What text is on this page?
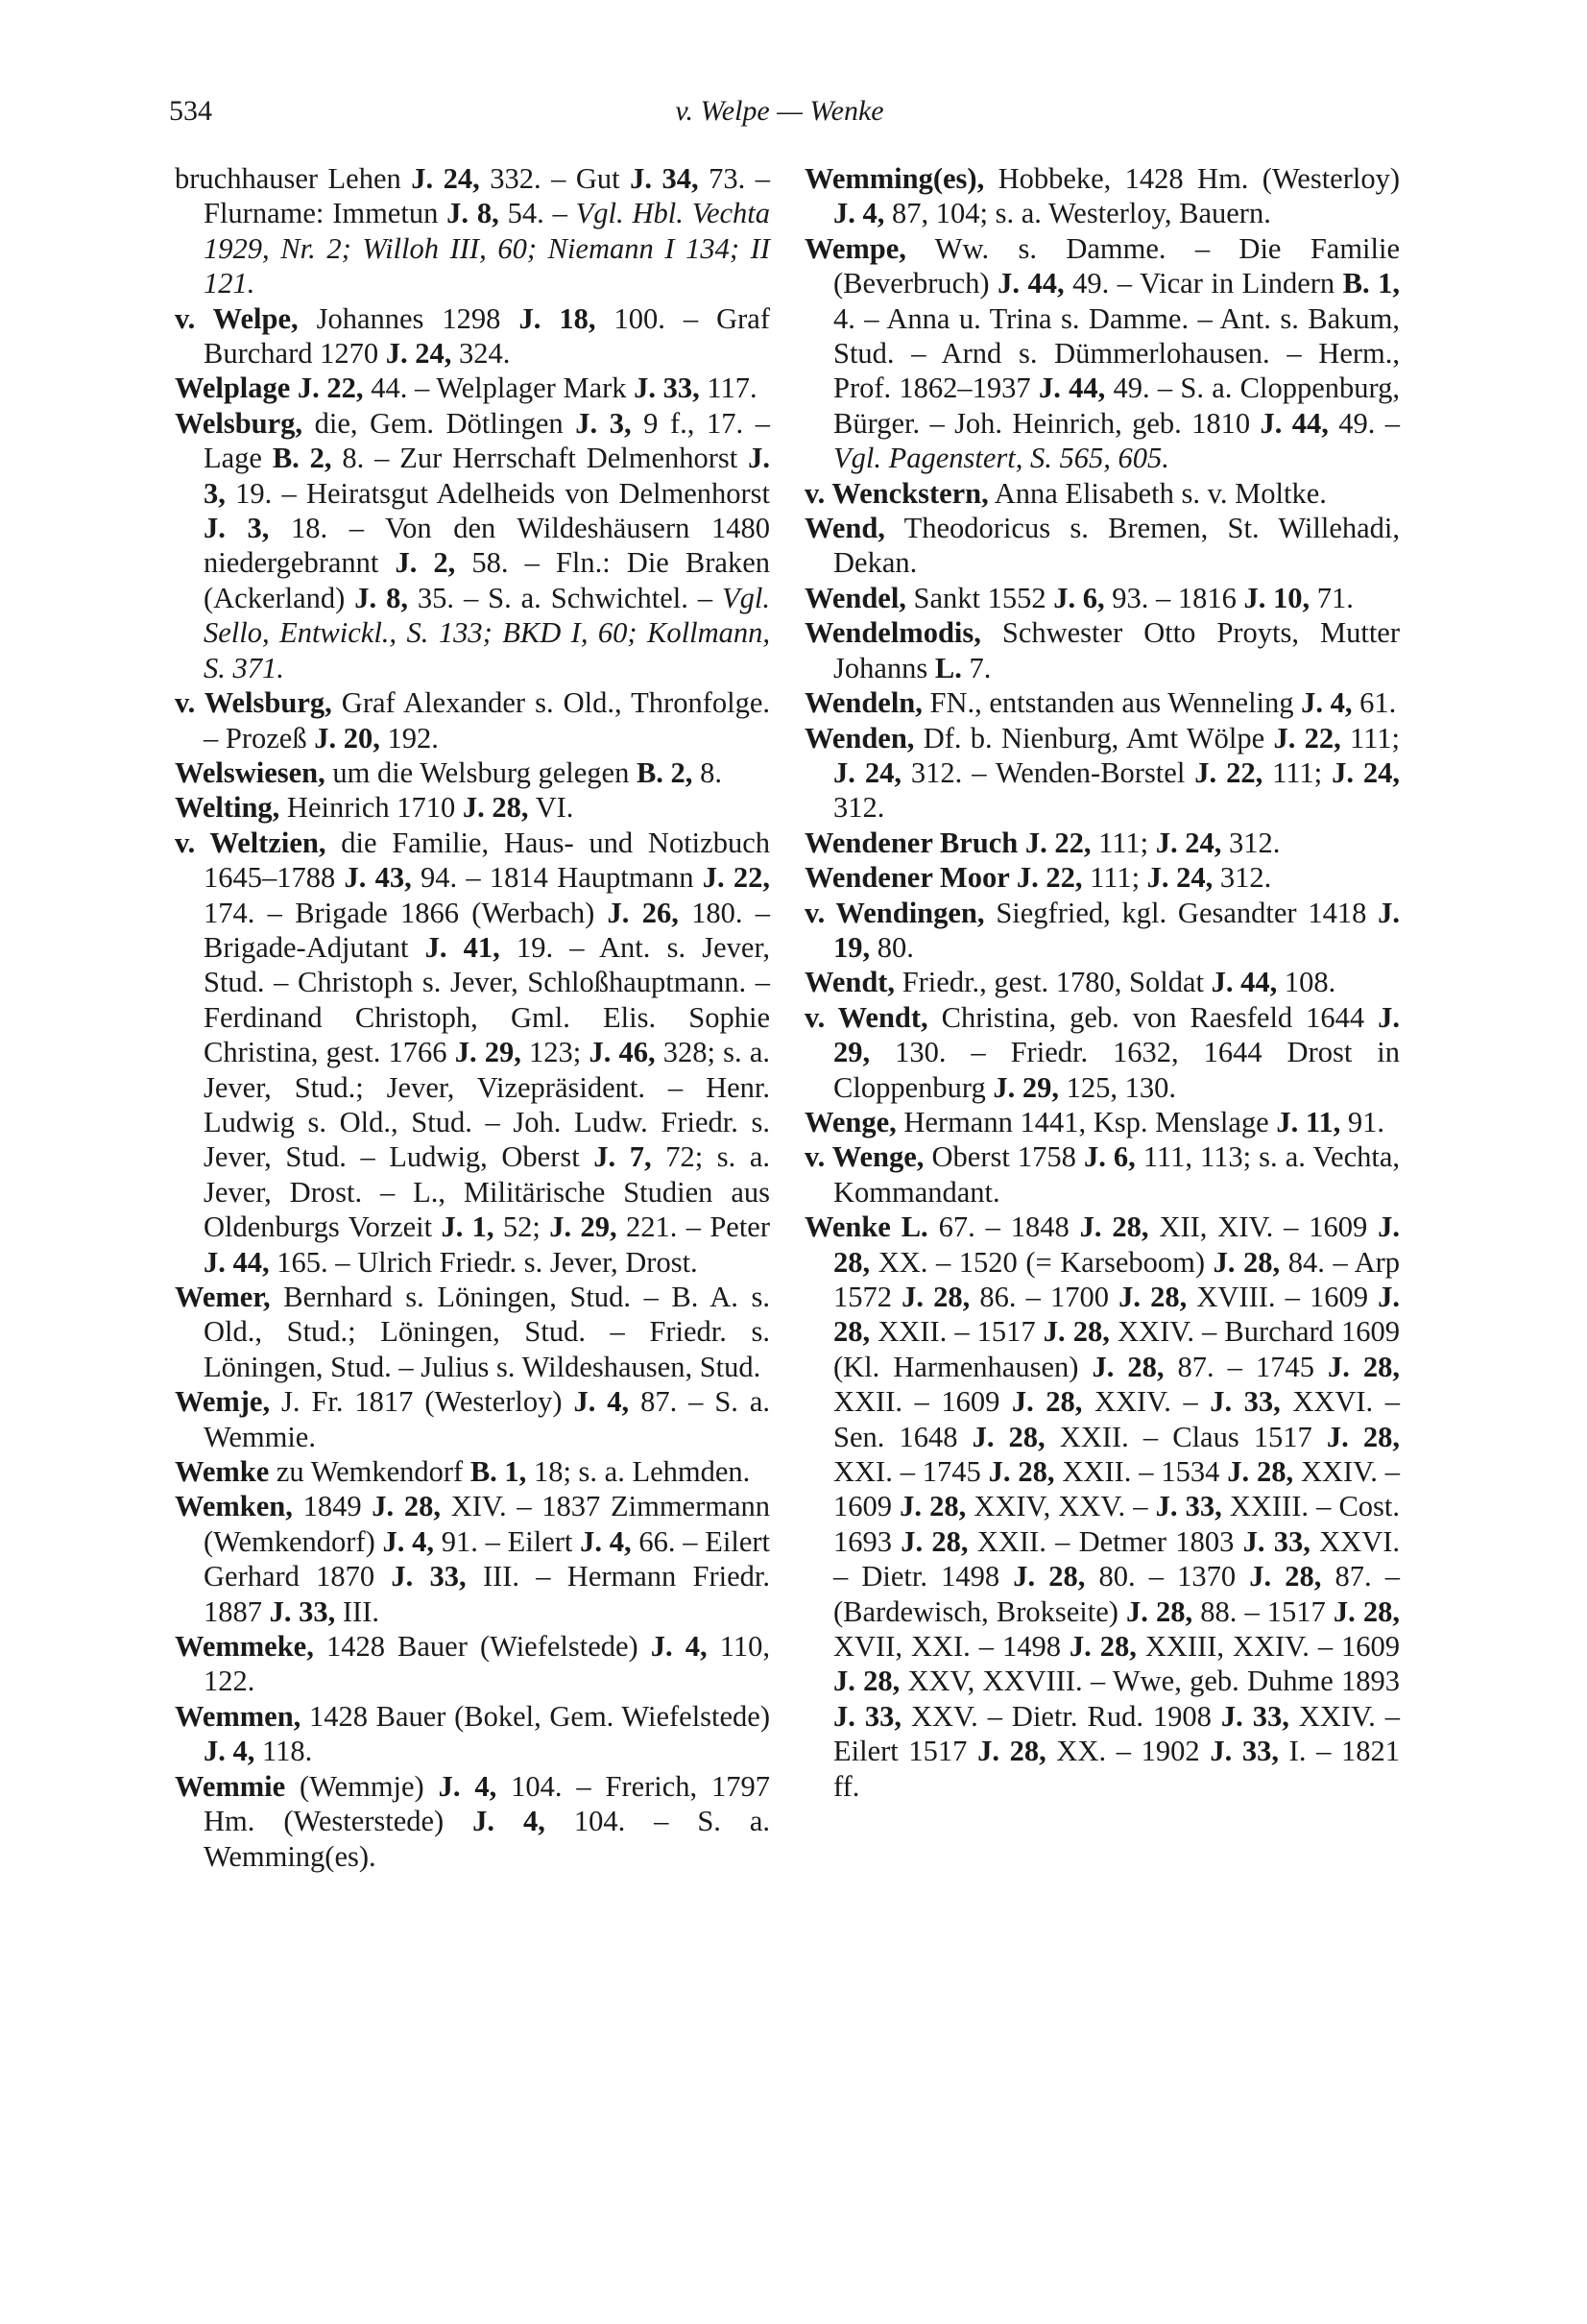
534	v. Welpe — Wenke

bruchhauser Lehen J. 24, 332. – Gut J. 34, 73. – Flurname: Immetun J. 8, 54. – Vgl. Hbl. Vechta 1929, Nr. 2; Willoh III, 60; Niemann I 134; II 121.

v. Welpe, Johannes 1298 J. 18, 100. – Graf Burchard 1270 J. 24, 324.

Welplage J. 22, 44. – Welplager Mark J. 33, 117.

Welsburg, die, Gem. Dötlingen J. 3, 9 f., 17. – Lage B. 2, 8. – Zur Herrschaft Delmenhorst J. 3, 19. – Heiratsgut Adelheids von Delmenhorst J. 3, 18. – Von den Wildeshäusern 1480 niedergebrannt J. 2, 58. – Fln.: Die Braken (Ackerland) J. 8, 35. – S. a. Schwichtel. – Vgl. Sello, Entwickl., S. 133; BKD I, 60; Kollmann, S. 371.

v. Welsburg, Graf Alexander s. Old., Thronfolge. – Prozeß J. 20, 192.

Welswiesen, um die Welsburg gelegen B. 2, 8.

Welting, Heinrich 1710 J. 28, VI.

v. Weltzien, die Familie, Haus- und Notizbuch 1645–1788 J. 43, 94. – 1814 Hauptmann J. 22, 174. – Brigade 1866 (Werbach) J. 26, 180. – Brigade-Adjutant J. 41, 19. – Ant. s. Jever, Stud. – Christoph s. Jever, Schloßhauptmann. – Ferdinand Christoph, Gml. Elis. Sophie Christina, gest. 1766 J. 29, 123; J. 46, 328; s. a. Jever, Stud.; Jever, Vizepräsident. – Henr. Ludwig s. Old., Stud. – Joh. Ludw. Friedr. s. Jever, Stud. – Ludwig, Oberst J. 7, 72; s. a. Jever, Drost. – L., Militärische Studien aus Oldenburgs Vorzeit J. 1, 52; J. 29, 221. – Peter J. 44, 165. – Ulrich Friedr. s. Jever, Drost.

Wemer, Bernhard s. Löningen, Stud. – B. A. s. Old., Stud.; Löningen, Stud. – Friedr. s. Löningen, Stud. – Julius s. Wildeshausen, Stud.

Wemje, J. Fr. 1817 (Westerloy) J. 4, 87. – S. a. Wemmie.

Wemke zu Wemkendorf B. 1, 18; s. a. Lehmden.

Wemken, 1849 J. 28, XIV. – 1837 Zimmermann (Wemkendorf) J. 4, 91. – Eilert J. 4, 66. – Eilert Gerhard 1870 J. 33, III. – Hermann Friedr. 1887 J. 33, III.

Wemmeke, 1428 Bauer (Wiefelstede) J. 4, 110, 122.

Wemmen, 1428 Bauer (Bokel, Gem. Wiefelstede) J. 4, 118.

Wemmie (Wemmje) J. 4, 104. – Frerich, 1797 Hm. (Westerstede) J. 4, 104. – S. a. Wemming(es).

Wemming(es), Hobbeke, 1428 Hm. (Westerloy) J. 4, 87, 104; s. a. Westerloy, Bauern.

Wempe, Ww. s. Damme. – Die Familie (Beverbruch) J. 44, 49. – Vicar in Lindern B. 1, 4. – Anna u. Trina s. Damme. – Ant. s. Bakum, Stud. – Arnd s. Dümmerlohausen. – Herm., Prof. 1862–1937 J. 44, 49. – S. a. Cloppenburg, Bürger. – Joh. Heinrich, geb. 1810 J. 44, 49. – Vgl. Pagenstert, S. 565, 605.

v. Wenckstern, Anna Elisabeth s. v. Moltke.

Wend, Theodoricus s. Bremen, St. Willehadi, Dekan.

Wendel, Sankt 1552 J. 6, 93. – 1816 J. 10, 71.

Wendelmodis, Schwester Otto Proyts, Mutter Johanns L. 7.

Wendeln, FN., entstanden aus Wenneling J. 4, 61.

Wenden, Df. b. Nienburg, Amt Wölpe J. 22, 111; J. 24, 312. – Wenden-Borstel J. 22, 111; J. 24, 312.

Wendener Bruch J. 22, 111; J. 24, 312.

Wendener Moor J. 22, 111; J. 24, 312.

v. Wendingen, Siegfried, kgl. Gesandter 1418 J. 19, 80.

Wendt, Friedr., gest. 1780, Soldat J. 44, 108.

v. Wendt, Christina, geb. von Raesfeld 1644 J. 29, 130. – Friedr. 1632, 1644 Drost in Cloppenburg J. 29, 125, 130.

Wenge, Hermann 1441, Ksp. Menslage J. 11, 91.

v. Wenge, Oberst 1758 J. 6, 111, 113; s. a. Vechta, Kommandant.

Wenke L. 67. – 1848 J. 28, XII, XIV. – 1609 J. 28, XX. – 1520 (= Karseboom) J. 28, 84. – Arp 1572 J. 28, 86. – 1700 J. 28, XVIII. – 1609 J. 28, XXII. – 1517 J. 28, XXIV. – Burchard 1609 (Kl. Harmenhausen) J. 28, 87. – 1745 J. 28, XXII. – 1609 J. 28, XXIV. – J. 33, XXVI. – Sen. 1648 J. 28, XXII. – Claus 1517 J. 28, XXI. – 1745 J. 28, XXII. – 1534 J. 28, XXIV. – 1609 J. 28, XXIV, XXV. – J. 33, XXIII. – Cost. 1693 J. 28, XXII. – Detmer 1803 J. 33, XXVI. – Dietr. 1498 J. 28, 80. – 1370 J. 28, 87. – (Bardewisch, Brokseite) J. 28, 88. – 1517 J. 28, XVII, XXI. – 1498 J. 28, XXIII, XXIV. – 1609 J. 28, XXV, XXVIII. – Wwe, geb. Duhme 1893 J. 33, XXV. – Dietr. Rud. 1908 J. 33, XXIV. – Eilert 1517 J. 28, XX. – 1902 J. 33, I. – 1821 ff.
